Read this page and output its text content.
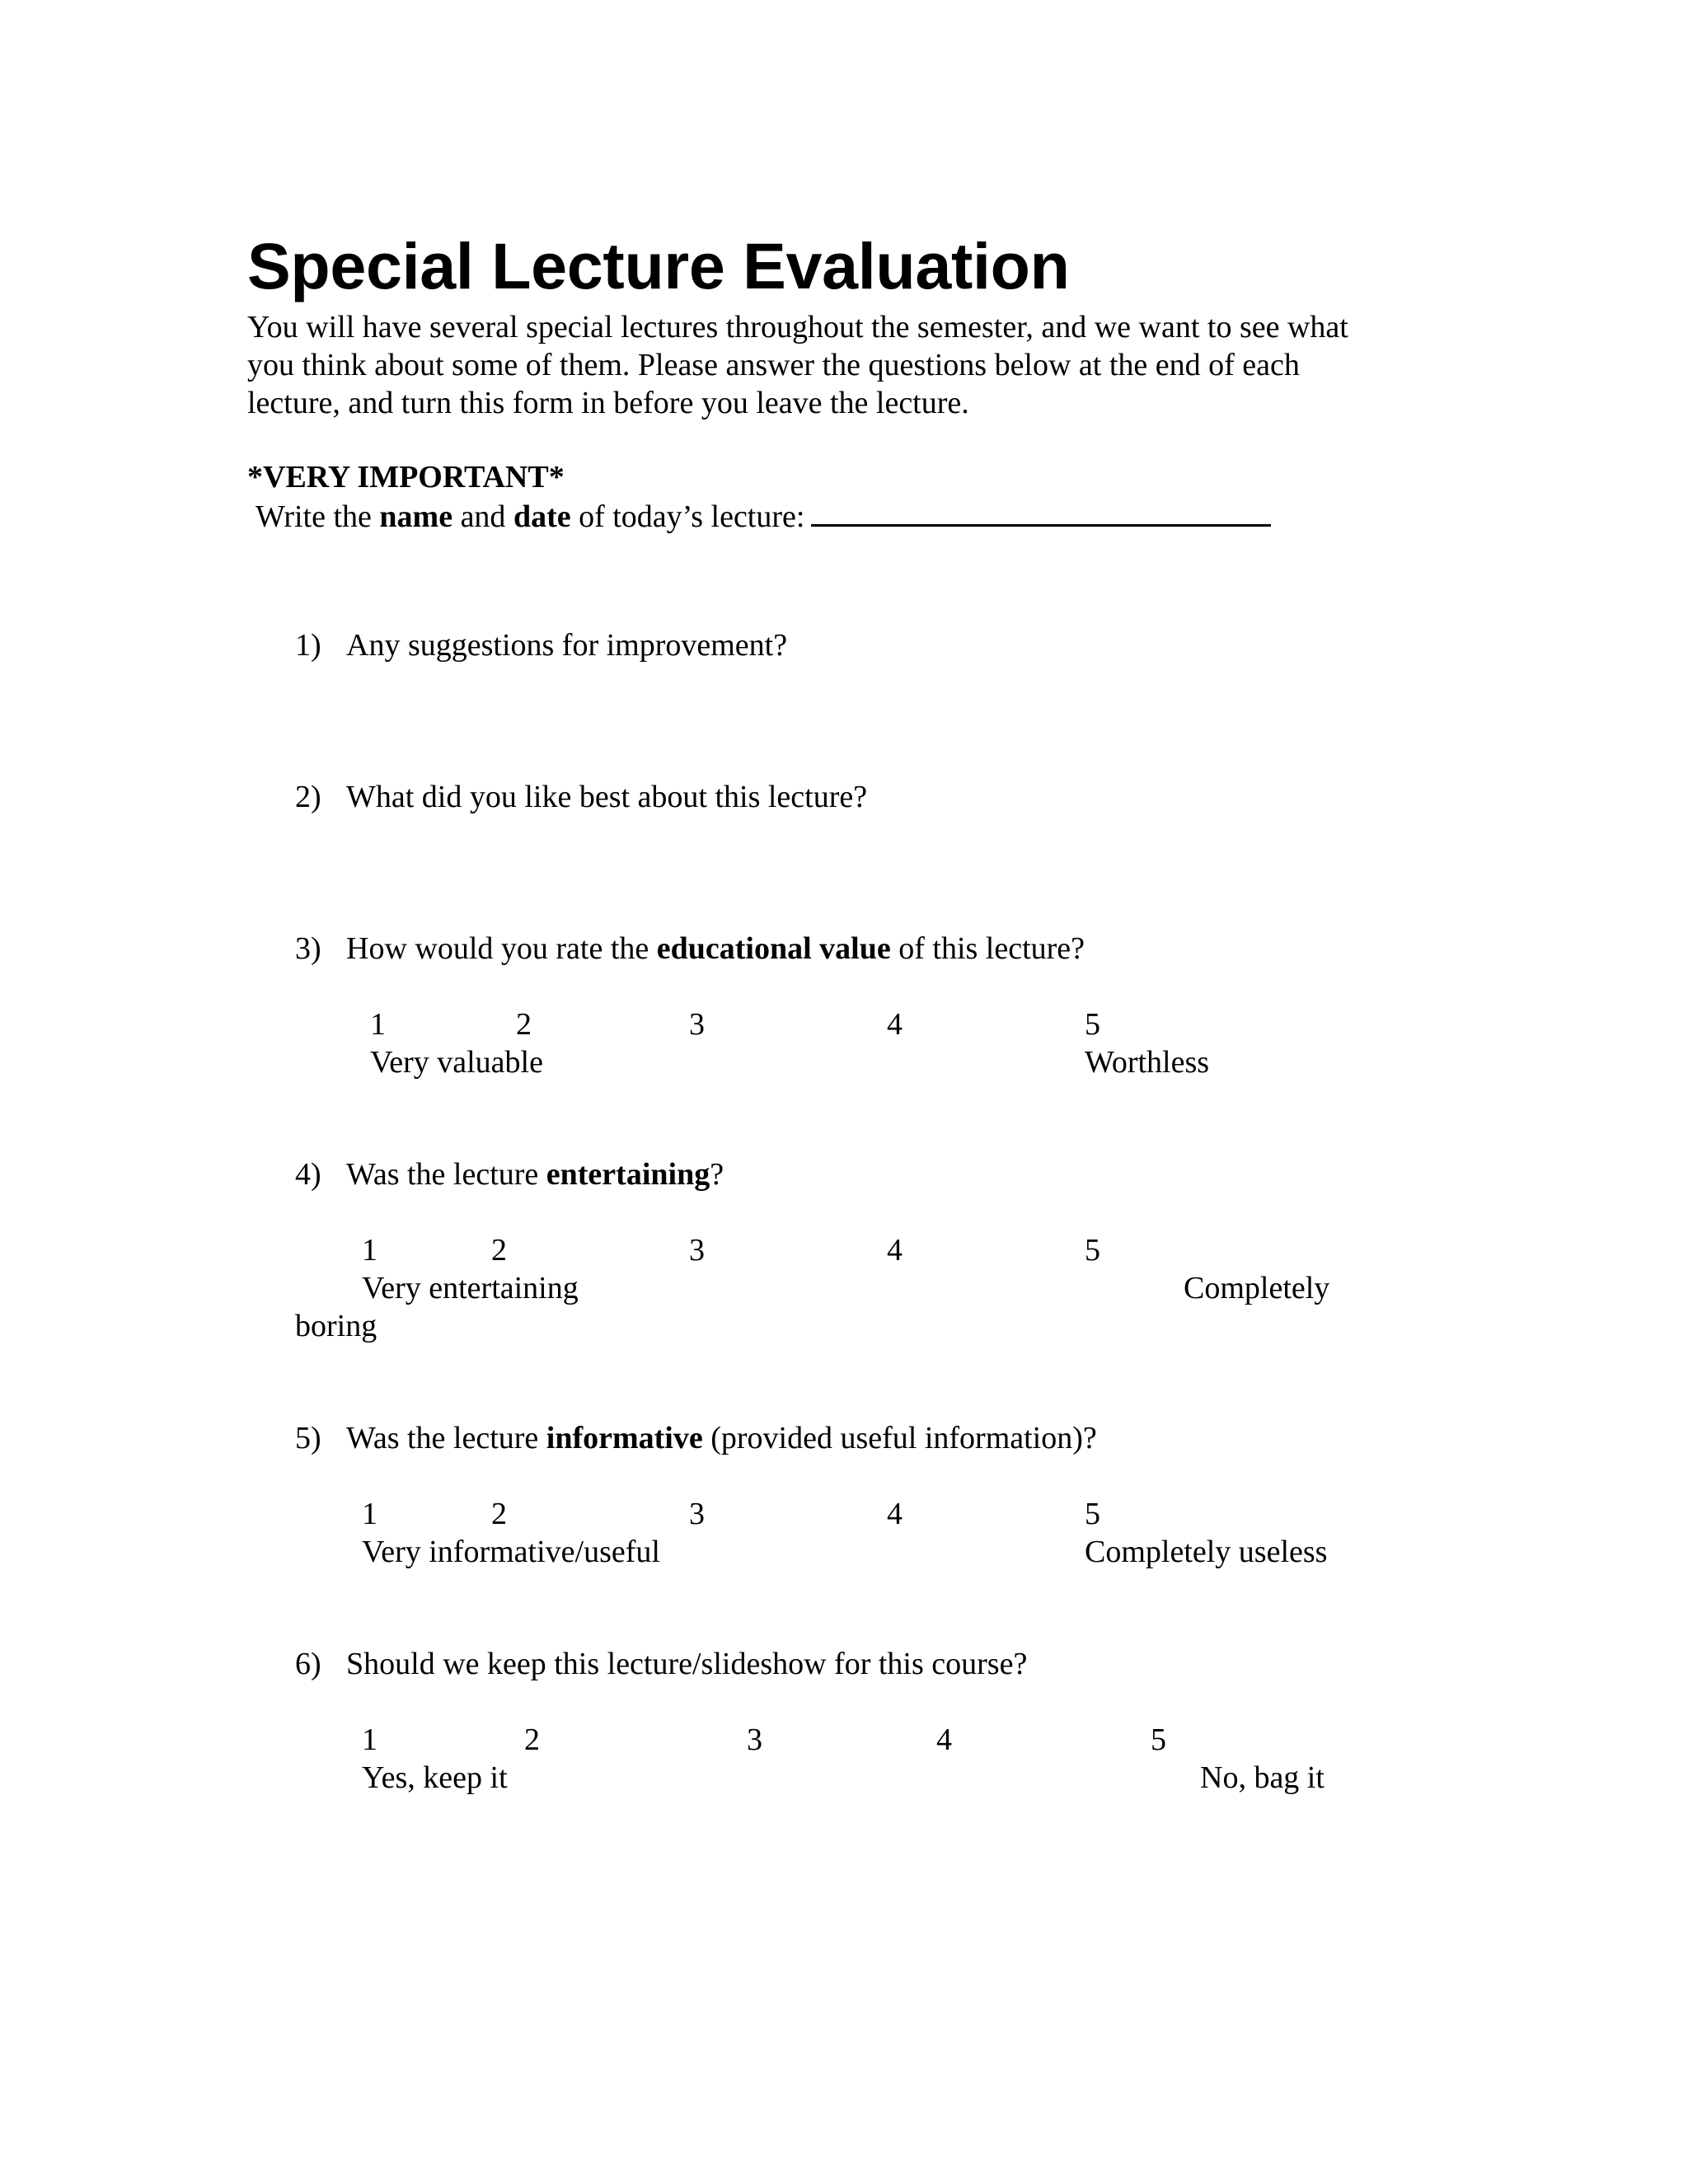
Special Lecture Evaluation
You will have several special lectures throughout the semester, and we want to see what
you think about some of them. Please answer the questions below at the end of each
lecture, and turn this form in before you leave the lecture.
*VERY IMPORTANT*
Write the name and date of today’s lecture:
1) Any suggestions for improvement?
2) What did you like best about this lecture?
3) How would you rate the educational value of this lecture?
1	2	3	4	5
Very valuable	Worthless
4) Was the lecture entertaining?
1	2	3	4	5
Very entertaining	Completely
boring
5) Was the lecture informative (provided useful information)?
1	2	3	4	5
Very informative/useful	Completely useless
6) Should we keep this lecture/slideshow for this course?
1	2	3	4	5
Yes, keep it	No, bag it
